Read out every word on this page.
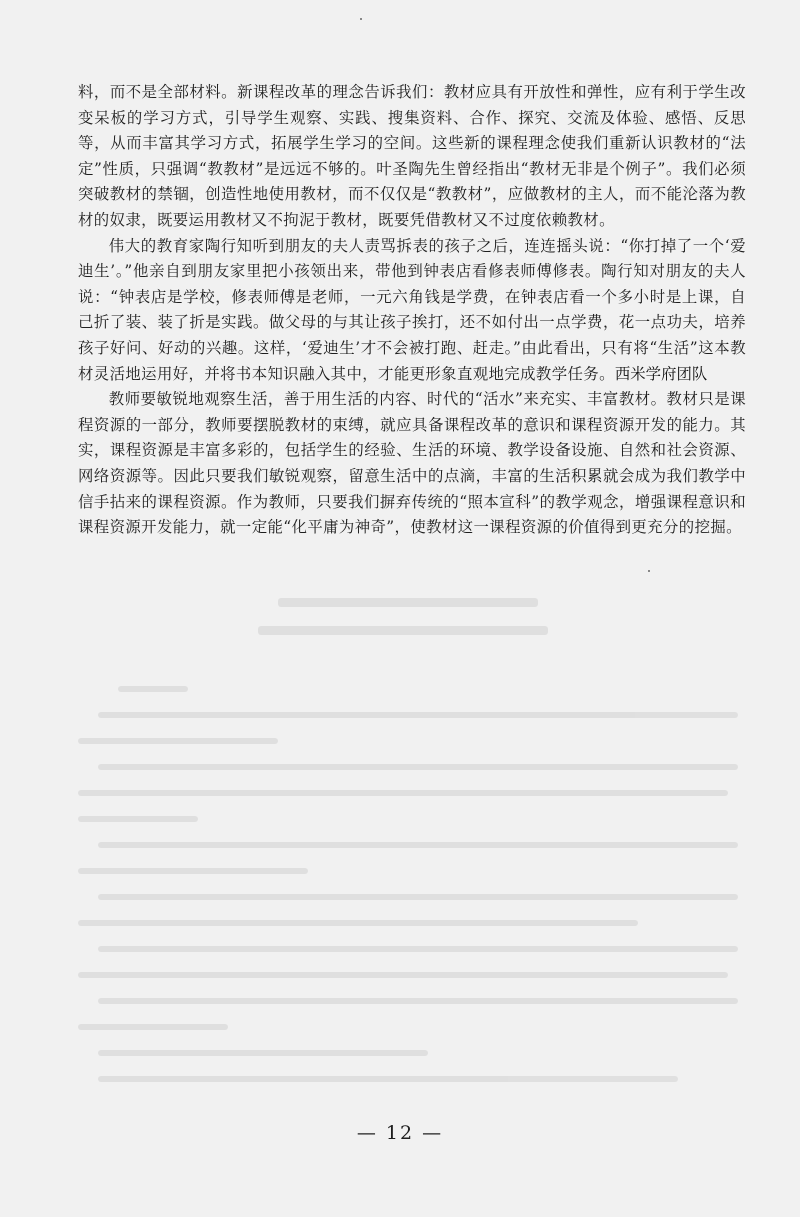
料，而不是全部材料。新课程改革的理念告诉我们：教材应具有开放性和弹性，应有利于学生改变呆板的学习方式，引导学生观察、实践、搜集资料、合作、探究、交流及体验、感悟、反思等，从而丰富其学习方式，拓展学生学习的空间。这些新的课程理念使我们重新认识教材的“法定”性质，只强调“教教材”是远远不够的。叶圣陶先生曾经指出“教材无非是个例子”。我们必须突破教材的禁锢，创造性地使用教材，而不仅仅是“教教材”，应做教材的主人，而不能沦落为教材的奴隶，既要运用教材又不拘泥于教材，既要凭借教材又不过度依赖教材。

伟大的教育家陶行知听到朋友的夫人责骂拆表的孩子之后，连连摇头说：“你打掉了一个‘爱迪生’。”他亲自到朋友家里把小孩领出来，带他到钟表店看修表师傅修表。陶行知对朋友的夫人说：“钟表店是学校，修表师傅是老师，一元六角钱是学费，在钟表店看一个多小时是上课，自己折了装、装了折是实践。做父母的与其让孩子挨打，还不如付出一点学费，花一点功夫，培养孩子好问、好动的兴趣。这样，‘爱迪生’才不会被打跑、赶走。”由此看出，只有将“生活”这本教材灵活地运用好，并将书本知识融入其中，才能更形象直观地完成教学任务。西米学府团队

教师要敏锐地观察生活，善于用生活的内容、时代的“活水”来充实、丰富教材。教材只是课程资源的一部分，教师要摆脱教材的束缚，就应具备课程改革的意识和课程资源开发的能力。其实，课程资源是丰富多彩的，包括学生的经验、生活的环境、教学设备设施、自然和社会资源、网络资源等。因此只要我们敏锐观察，留意生活中的点滴，丰富的生活积累就会成为我们教学中信手拈来的课程资源。作为教师，只要我们摒弃传统的“照本宣科”的教学观念，增强课程意识和课程资源开发能力，就一定能“化平庸为神奇”，使教材这一课程资源的价值得到更充分的挖掘。

— 12 —
